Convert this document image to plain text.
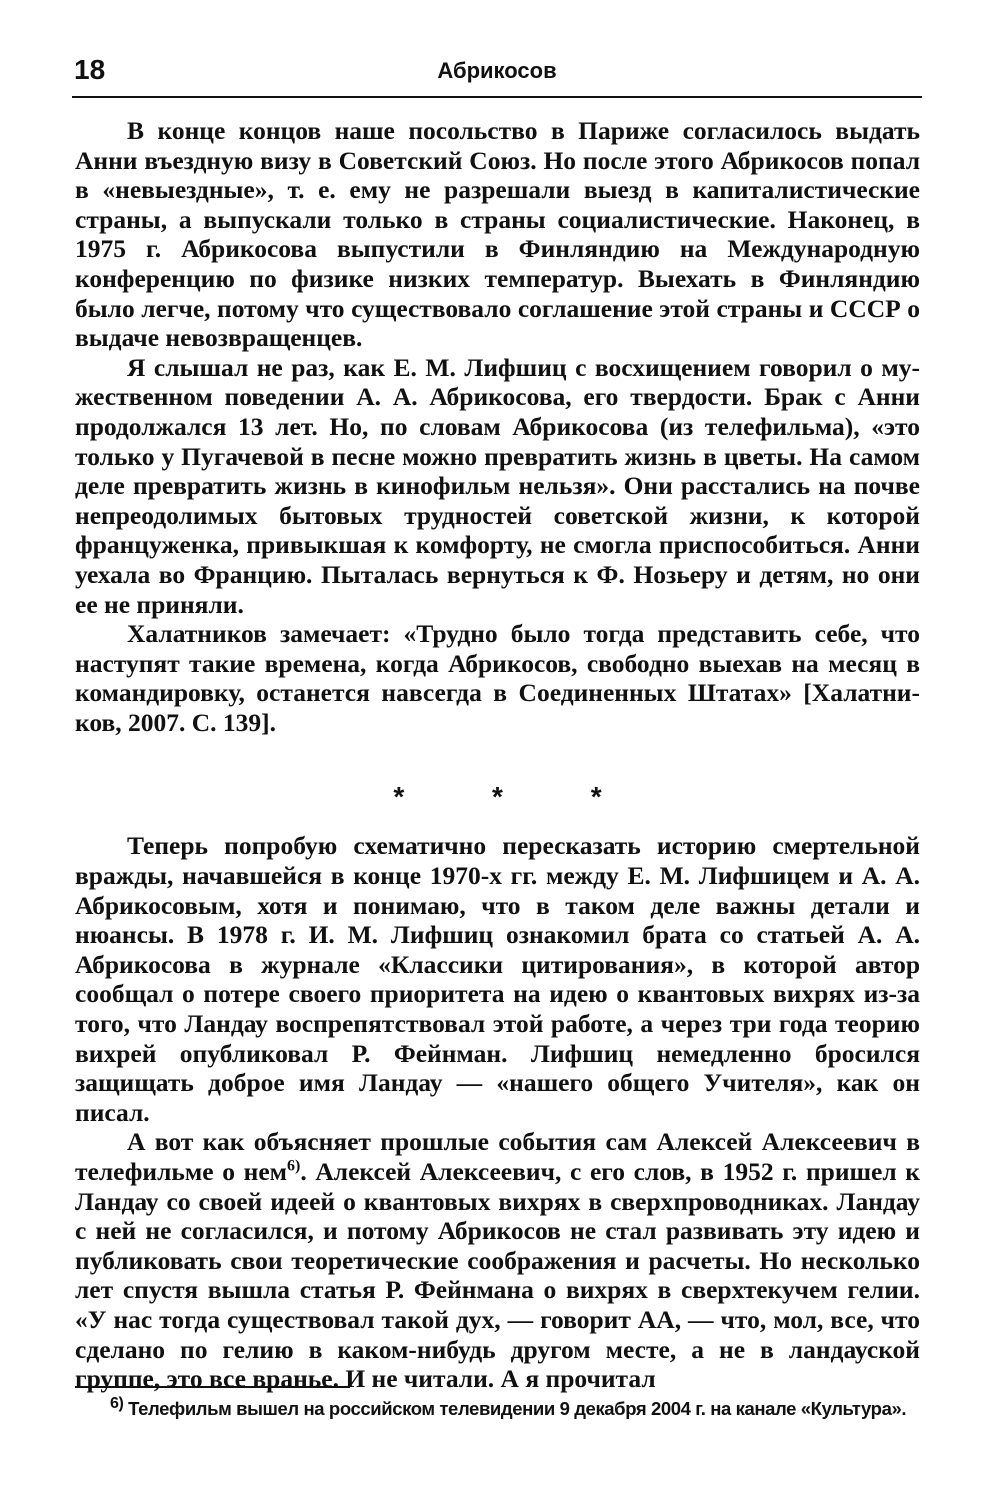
18	Абрикосов

В конце концов наше посольство в Париже согласилось выдать Анни въездную визу в Советский Союз. Но после этого Абрикосов попал в «невыездные», т. е. ему не разрешали выезд в капиталистические страны, а выпускали только в страны социалистические. Наконец, в 1975 г. Абрикосова выпустили в Финляндию на Международную конференцию по физике низких температур. Выехать в Финляндию было легче, потому что существовало соглашение этой страны и СССР о выдаче невозвращенцев.

Я слышал не раз, как Е. М. Лифшиц с восхищением говорил о мужественном поведении А. А. Абрикосова, его твердости. Брак с Анни продолжался 13 лет. Но, по словам Абрикосова (из телефильма), «это только у Пугачевой в песне можно превратить жизнь в цветы. На самом деле превратить жизнь в кинофильм нельзя». Они расстались на почве непреодолимых бытовых трудностей советской жизни, к которой француженка, привыкшая к комфорту, не смогла приспособиться. Анни уехала во Францию. Пыталась вернуться к Ф. Нозьеру и детям, но они ее не приняли.

Халатников замечает: «Трудно было тогда представить себе, что наступят такие времена, когда Абрикосов, свободно выехав на месяц в командировку, останется навсегда в Соединенных Штатах» [Халатников, 2007. С. 139].

* * *

Теперь попробую схематично пересказать историю смертельной вражды, начавшейся в конце 1970-х гг. между Е. М. Лифшицем и А. А. Абрикосовым, хотя и понимаю, что в таком деле важны детали и нюансы. В 1978 г. И. М. Лифшиц ознакомил брата со статьей А. А. Абрикосова в журнале «Классики цитирования», в которой автор сообщал о потере своего приоритета на идею о квантовых вихрях из-за того, что Ландау воспрепятствовал этой работе, а через три года теорию вихрей опубликовал Р. Фейнман. Лифшиц немедленно бросился защищать доброе имя Ландау — «нашего общего Учителя», как он писал.

А вот как объясняет прошлые события сам Алексей Алексеевич в телефильме о нем$^{6)}$. Алексей Алексеевич, с его слов, в 1952 г. пришел к Ландау со своей идеей о квантовых вихрях в сверхпроводниках. Ландау с ней не согласился, и потому Абрикосов не стал развивать эту идею и публиковать свои теоретические соображения и расчеты. Но несколько лет спустя вышла статья Р. Фейнмана о вихрях в сверхтекучем гелии. «У нас тогда существовал такой дух, — говорит АА, — что, мол, все, что сделано по гелию в каком-нибудь другом месте, а не в ландауской группе, это все вранье. И не читали. А я прочитал

$^{6)}$ Телефильм вышел на российском телевидении 9 декабря 2004 г. на канале «Культура».
